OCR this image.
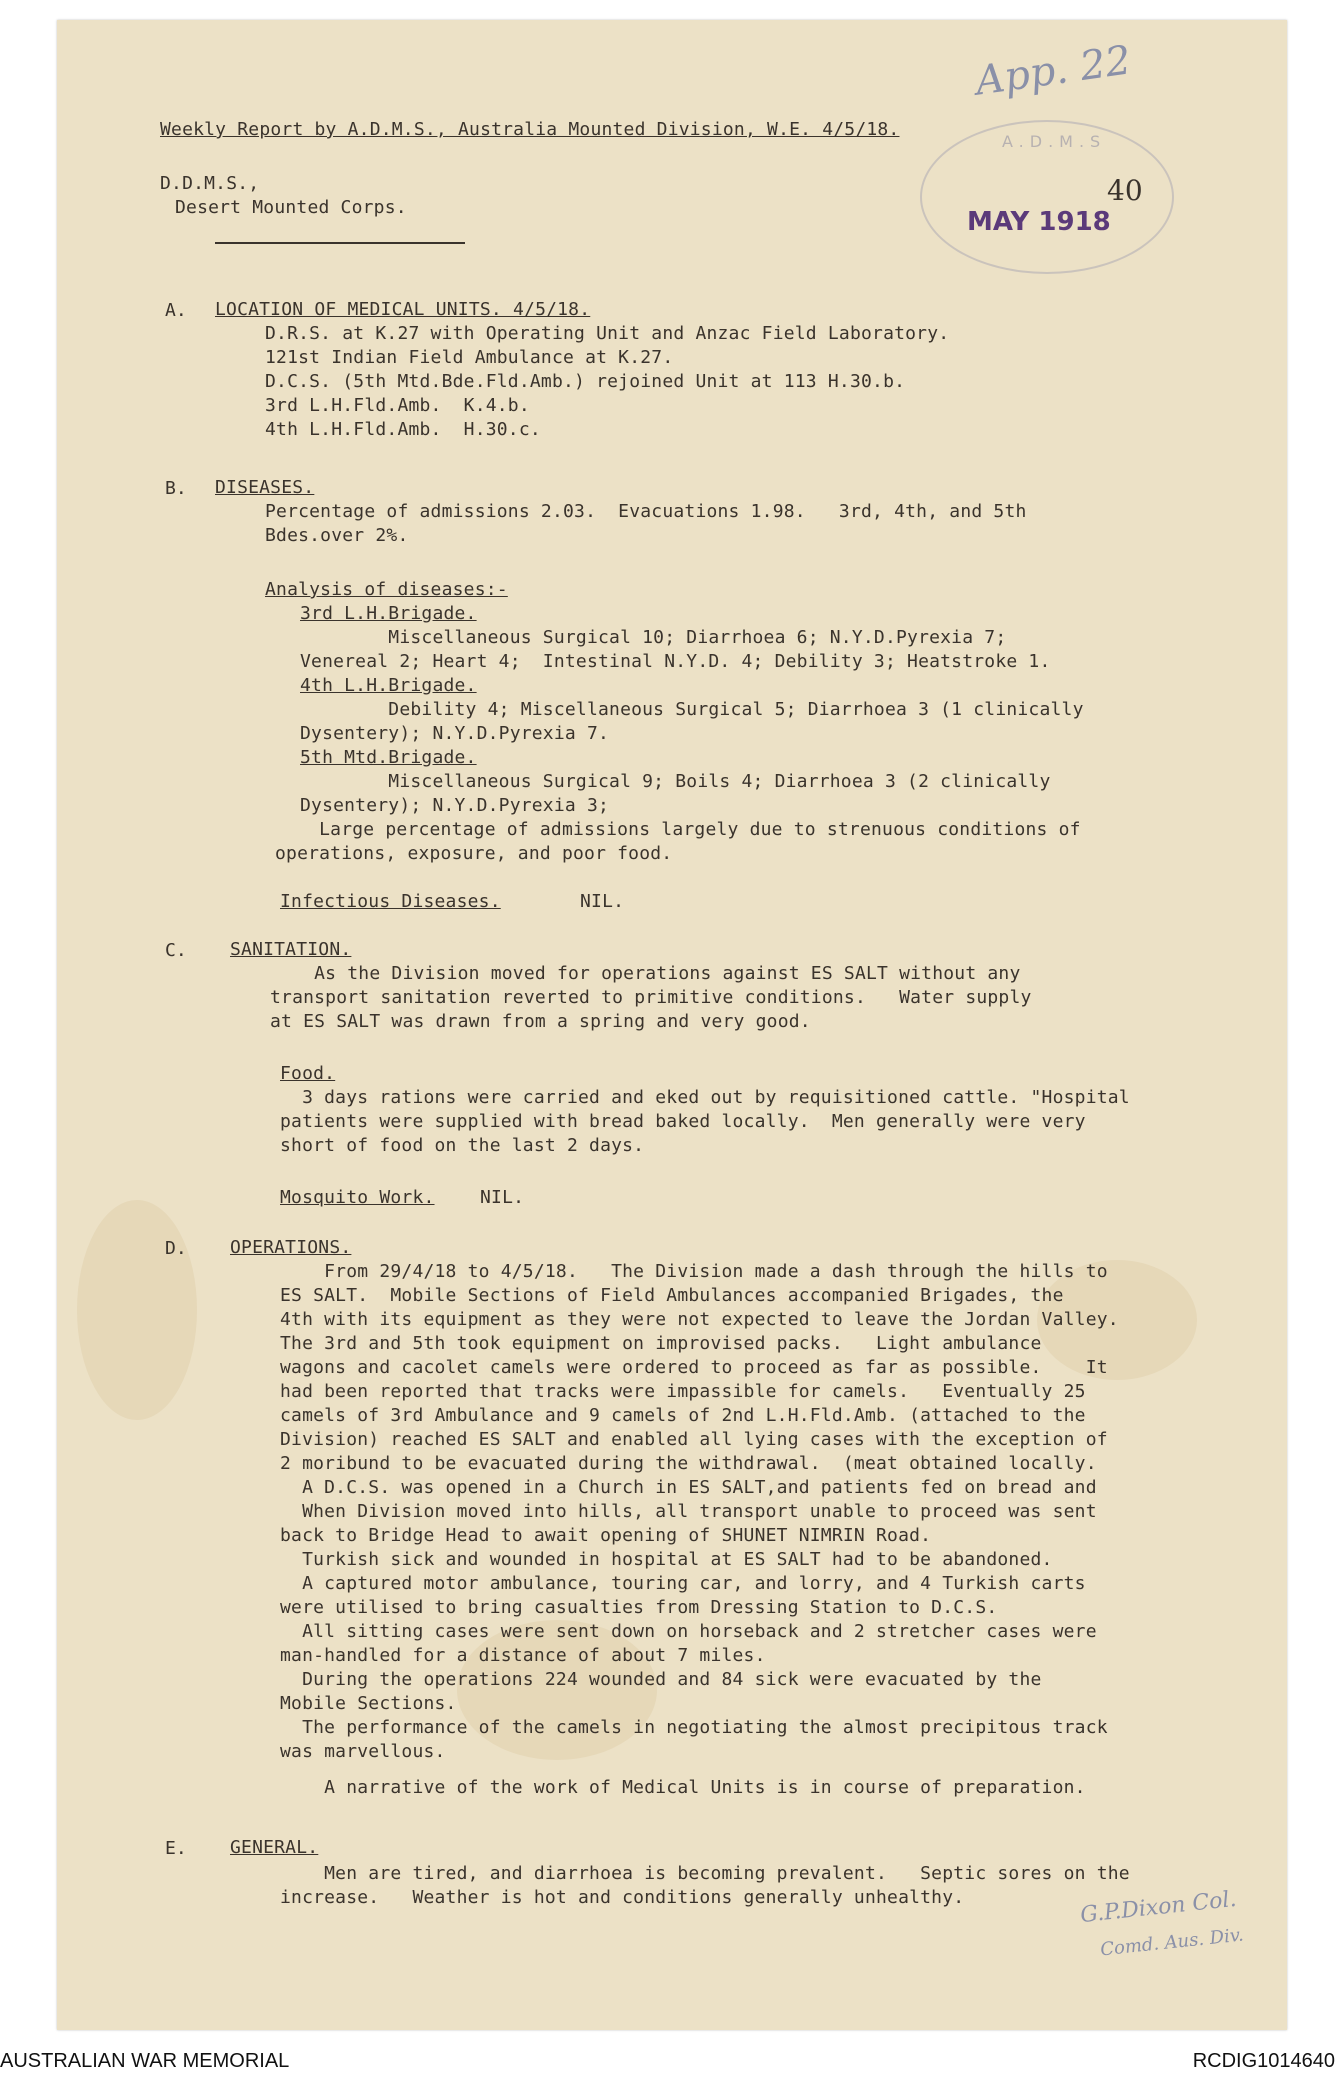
App. 22
A.D.M.S
MAY 1918
40
Weekly Report by A.D.M.S., Australia Mounted Division, W.E. 4/5/18.
D.D.M.S.,
Desert Mounted Corps.
A. LOCATION OF MEDICAL UNITS. 4/5/18.
D.R.S. at K.27 with Operating Unit and Anzac Field Laboratory.
121st Indian Field Ambulance at K.27.
D.C.S. (5th Mtd.Bde.Fld.Amb.) rejoined Unit at 113 H.30.b.
3rd L.H.Fld.Amb.  K.4.b.
4th L.H.Fld.Amb.  H.30.c.
B. DISEASES.
Percentage of admissions 2.03.  Evacuations 1.98.   3rd, 4th, and 5th
Bdes.over 2%.
Analysis of diseases:-
3rd L.H.Brigade.
Miscellaneous Surgical 10; Diarrhoea 6; N.Y.D.Pyrexia 7;
Venereal 2; Heart 4;  Intestinal N.Y.D. 4; Debility 3; Heatstroke 1.
4th L.H.Brigade.
Debility 4; Miscellaneous Surgical 5; Diarrhoea 3 (1 clinically
Dysentery); N.Y.D.Pyrexia 7.
5th Mtd.Brigade.
Miscellaneous Surgical 9; Boils 4; Diarrhoea 3 (2 clinically
Dysentery); N.Y.D.Pyrexia 3;
Large percentage of admissions largely due to strenuous conditions of
operations, exposure, and poor food.
Infectious Diseases.	NIL.
C. SANITATION.
As the Division moved for operations against ES SALT without any
transport sanitation reverted to primitive conditions.   Water supply
at ES SALT was drawn from a spring and very good.
Food.
3 days rations were carried and eked out by requisitioned cattle. "Hospital
patients were supplied with bread baked locally.  Men generally were very
short of food on the last 2 days.
Mosquito Work.	NIL.
D. OPERATIONS.
From 29/4/18 to 4/5/18.   The Division made a dash through the hills to
ES SALT.  Mobile Sections of Field Ambulances accompanied Brigades, the
4th with its equipment as they were not expected to leave the Jordan Valley.
The 3rd and 5th took equipment on improvised packs.   Light ambulance
wagons and cacolet camels were ordered to proceed as far as possible.    It
had been reported that tracks were impassible for camels.   Eventually 25
camels of 3rd Ambulance and 9 camels of 2nd L.H.Fld.Amb. (attached to the
Division) reached ES SALT and enabled all lying cases with the exception of
2 moribund to be evacuated during the withdrawal.  (meat obtained locally.
A D.C.S. was opened in a Church in ES SALT,and patients fed on bread and
When Division moved into hills, all transport unable to proceed was sent
back to Bridge Head to await opening of SHUNET NIMRIN Road.
Turkish sick and wounded in hospital at ES SALT had to be abandoned.
A captured motor ambulance, touring car, and lorry, and 4 Turkish carts
were utilised to bring casualties from Dressing Station to D.C.S.
All sitting cases were sent down on horseback and 2 stretcher cases were
man-handled for a distance of about 7 miles.
During the operations 224 wounded and 84 sick were evacuated by the
Mobile Sections.
The performance of the camels in negotiating the almost precipitous track
was marvellous.
A narrative of the work of Medical Units is in course of preparation.
E. GENERAL.
Men are tired, and diarrhoea is becoming prevalent.   Septic sores on the
increase.   Weather is hot and conditions generally unhealthy.	G.P.Dixon Col.
Comd. Aus. Div.
AUSTRALIAN WAR MEMORIAL	RCDIG1014640
